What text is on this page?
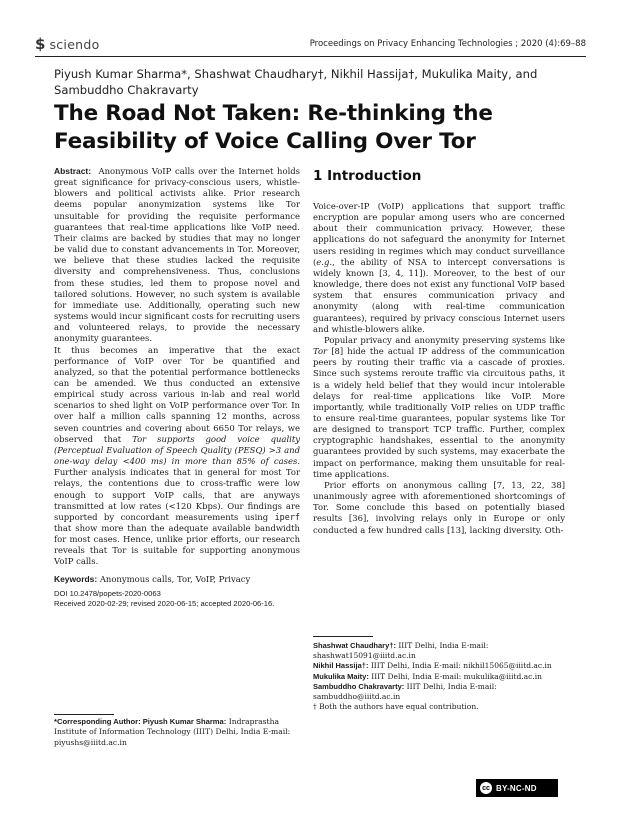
$ sciendo	Proceedings on Privacy Enhancing Technologies ; 2020 (4):69–88
Piyush Kumar Sharma*, Shashwat Chaudhary†, Nikhil Hassija†, Mukulika Maity, and Sambuddho Chakravarty
The Road Not Taken: Re-thinking the Feasibility of Voice Calling Over Tor

Abstract: Anonymous VoIP calls over the Internet holds great significance for privacy-conscious users, whistle-blowers and political activists alike. Prior research deems popular anonymization systems like Tor unsuitable for providing the requisite performance guarantees that real-time applications like VoIP need. Their claims are backed by studies that may no longer be valid due to constant advancements in Tor. Moreover, we believe that these studies lacked the requisite diversity and comprehensiveness. Thus, conclusions from these studies, led them to propose novel and tailored solutions. However, no such system is available for immediate use. Additionally, operating such new systems would incur significant costs for recruiting users and volunteered relays, to provide the necessary anonymity guarantees.

It thus becomes an imperative that the exact performance of VoIP over Tor be quantified and analyzed, so that the potential performance bottlenecks can be amended. We thus conducted an extensive empirical study across various in-lab and real world scenarios to shed light on VoIP performance over Tor. In over half a million calls spanning 12 months, across seven countries and covering about 6650 Tor relays, we observed that Tor supports good voice quality (Perceptual Evaluation of Speech Quality (PESQ) >3 and one-way delay <400 ms) in more than 85% of cases. Further analysis indicates that in general for most Tor relays, the contentions due to cross-traffic were low enough to support VoIP calls, that are anyways transmitted at low rates (<120 Kbps). Our findings are supported by concordant measurements using iperf that show more than the adequate available bandwidth for most cases. Hence, unlike prior efforts, our research reveals that Tor is suitable for supporting anonymous VoIP calls.

Keywords: Anonymous calls, Tor, VoIP, Privacy

DOI 10.2478/popets-2020-0063
Received 2020-02-29; revised 2020-06-15; accepted 2020-06-16.

*Corresponding Author: Piyush Kumar Sharma: Indraprastha Institute of Information Technology (IIIT) Delhi, India E-mail: piyushs@iiitd.ac.in
1 Introduction

Voice-over-IP (VoIP) applications that support traffic encryption are popular among users who are concerned about their communication privacy. However, these applications do not safeguard the anonymity for Internet users residing in regimes which may conduct surveillance (e.g., the ability of NSA to intercept conversations is widely known [3, 4, 11]). Moreover, to the best of our knowledge, there does not exist any functional VoIP based system that ensures communication privacy and anonymity (along with real-time communication guarantees), required by privacy conscious Internet users and whistle-blowers alike.

Popular privacy and anonymity preserving systems like Tor [8] hide the actual IP address of the communication peers by routing their traffic via a cascade of proxies. Since such systems reroute traffic via circuitous paths, it is a widely held belief that they would incur intolerable delays for real-time applications like VoIP. More importantly, while traditionally VoIP relies on UDP traffic to ensure real-time guarantees, popular systems like Tor are designed to transport TCP traffic. Further, complex cryptographic handshakes, essential to the anonymity guarantees provided by such systems, may exacerbate the impact on performance, making them unsuitable for real-time applications.

Prior efforts on anonymous calling [7, 13, 22, 38] unanimously agree with aforementioned shortcomings of Tor. Some conclude this based on potentially biased results [36], involving relays only in Europe or only conducted a few hundred calls [13], lacking diversity. Oth-

Shashwat Chaudhary†: IIIT Delhi, India E-mail: shashwat15091@iiitd.ac.in
Nikhil Hassija†: IIIT Delhi, India E-mail: nikhil15065@iiitd.ac.in
Mukulika Maity: IIIT Delhi, India E-mail: mukulika@iiitd.ac.in
Sambuddho Chakravarty: IIIT Delhi, India E-mail: sambuddho@iiitd.ac.in
† Both the authors have equal contribution.
cc BY-NC-ND
